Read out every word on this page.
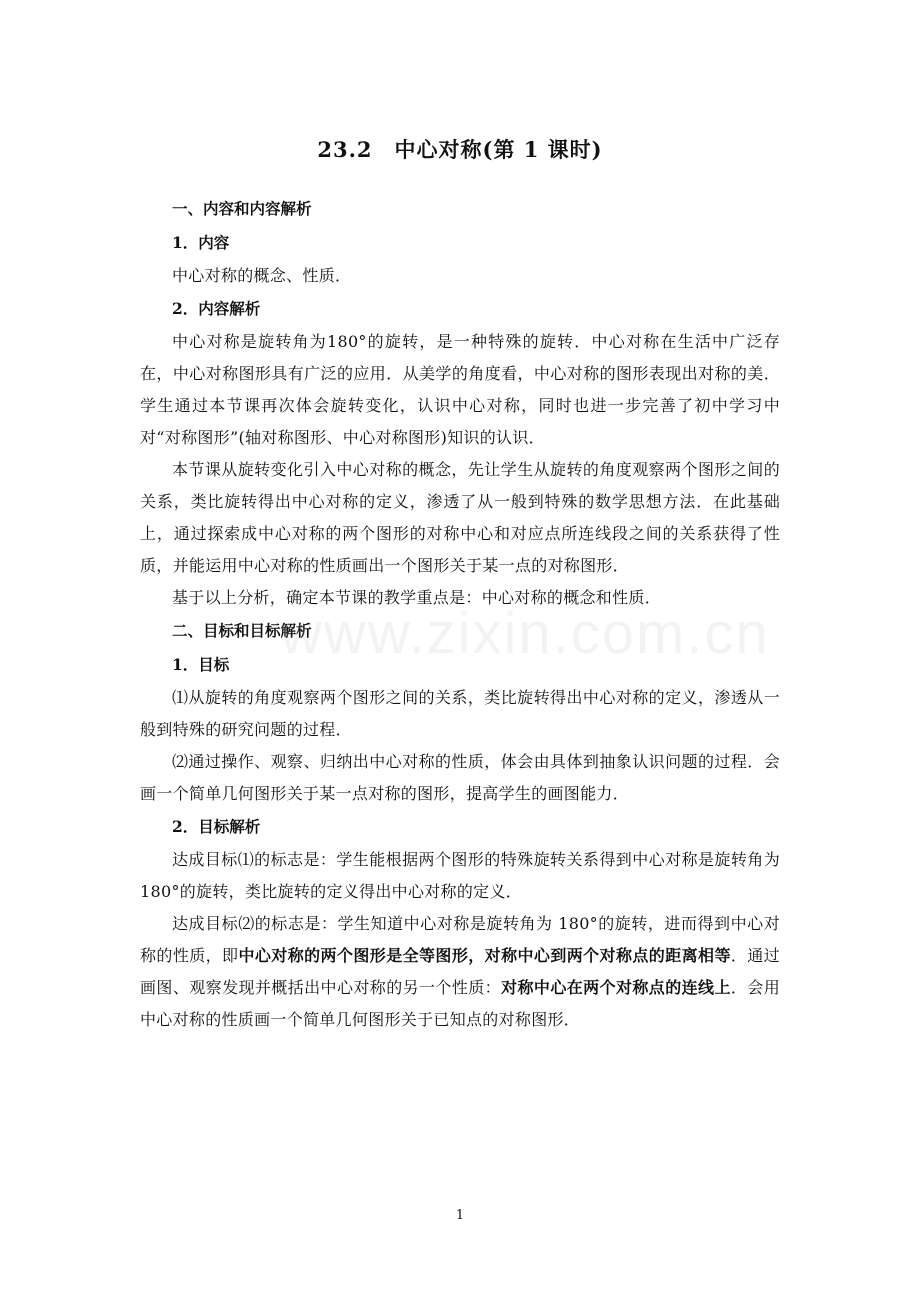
23.2　中心对称(第 1 课时)
一、内容和内容解析
1．内容

中心对称的概念、性质．

2．内容解析

中心对称是旋转角为180°的旋转，是一种特殊的旋转．中心对称在生活中广泛存在，中心对称图形具有广泛的应用．从美学的角度看，中心对称的图形表现出对称的美．学生通过本节课再次体会旋转变化，认识中心对称，同时也进一步完善了初中学习中对“对称图形”(轴对称图形、中心对称图形)知识的认识．

本节课从旋转变化引入中心对称的概念，先让学生从旋转的角度观察两个图形之间的关系，类比旋转得出中心对称的定义，渗透了从一般到特殊的数学思想方法．在此基础上，通过探索成中心对称的两个图形的对称中心和对应点所连线段之间的关系获得了性质，并能运用中心对称的性质画出一个图形关于某一点的对称图形．

基于以上分析，确定本节课的教学重点是：中心对称的概念和性质．

二、目标和目标解析
1．目标

⑴从旋转的角度观察两个图形之间的关系，类比旋转得出中心对称的定义，渗透从一般到特殊的研究问题的过程．

⑵通过操作、观察、归纳出中心对称的性质，体会由具体到抽象认识问题的过程．会画一个简单几何图形关于某一点对称的图形，提高学生的画图能力．

2．目标解析

达成目标⑴的标志是：学生能根据两个图形的特殊旋转关系得到中心对称是旋转角为180°的旋转，类比旋转的定义得出中心对称的定义．

达成目标⑵的标志是：学生知道中心对称是旋转角为 180°的旋转，进而得到中心对称的性质，即中心对称的两个图形是全等图形，对称中心到两个对称点的距离相等．通过画图、观察发现并概括出中心对称的另一个性质：对称中心在两个对称点的连线上．会用中心对称的性质画一个简单几何图形关于已知点的对称图形．

www.zixin.com.cn
1
